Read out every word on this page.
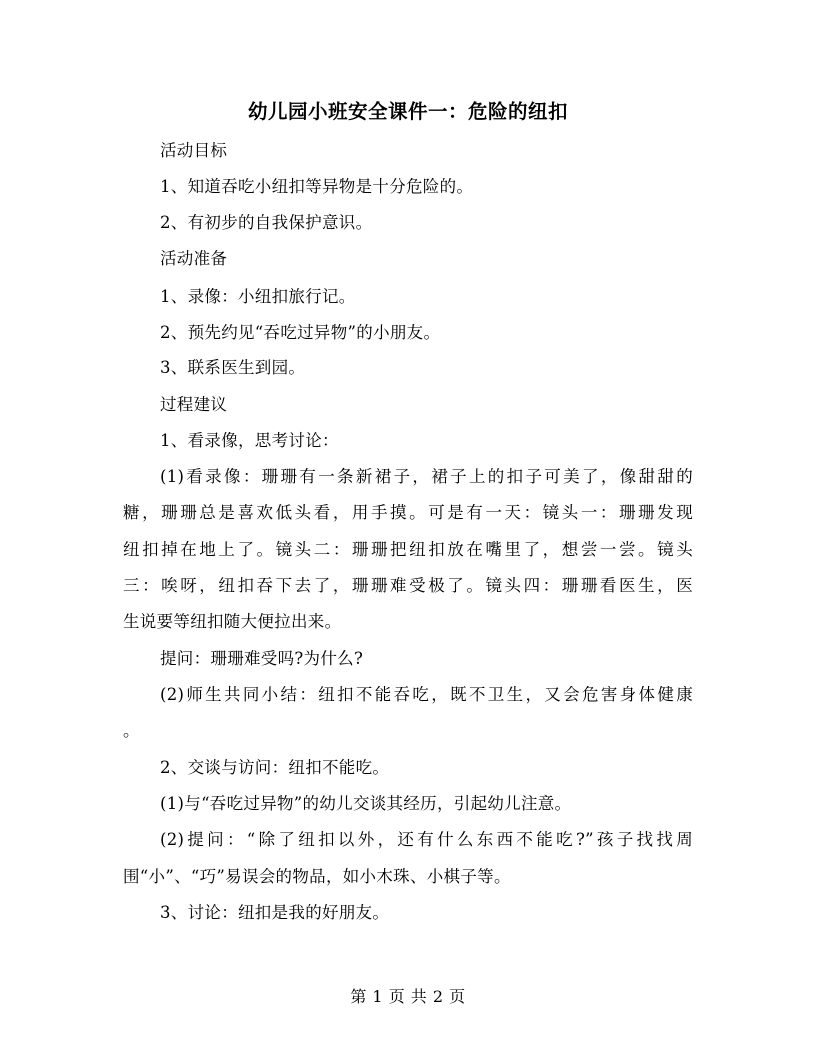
幼儿园小班安全课件一：危险的纽扣
活动目标
1、知道吞吃小纽扣等异物是十分危险的。
2、有初步的自我保护意识。
活动准备
1、录像：小纽扣旅行记。
2、预先约见“吞吃过异物”的小朋友。
3、联系医生到园。
过程建议
1、看录像，思考讨论：
(1)看录像：珊珊有一条新裙子，裙子上的扣子可美了，像甜甜的
糖，珊珊总是喜欢低头看，用手摸。可是有一天：镜头一：珊珊发现
纽扣掉在地上了。镜头二：珊珊把纽扣放在嘴里了，想尝一尝。镜头
三：唉呀，纽扣吞下去了，珊珊难受极了。镜头四：珊珊看医生，医
生说要等纽扣随大便拉出来。
提问：珊珊难受吗?为什么?
(2)师生共同小结：纽扣不能吞吃，既不卫生，又会危害身体健康
。
2、交谈与访问：纽扣不能吃。
(1)与“吞吃过异物”的幼儿交谈其经历，引起幼儿注意。
(2)提问：“除了纽扣以外，还有什么东西不能吃?”孩子找找周
围“小”、“巧”易误会的物品，如小木珠、小棋子等。
3、讨论：纽扣是我的好朋友。
第 1 页 共 2 页
